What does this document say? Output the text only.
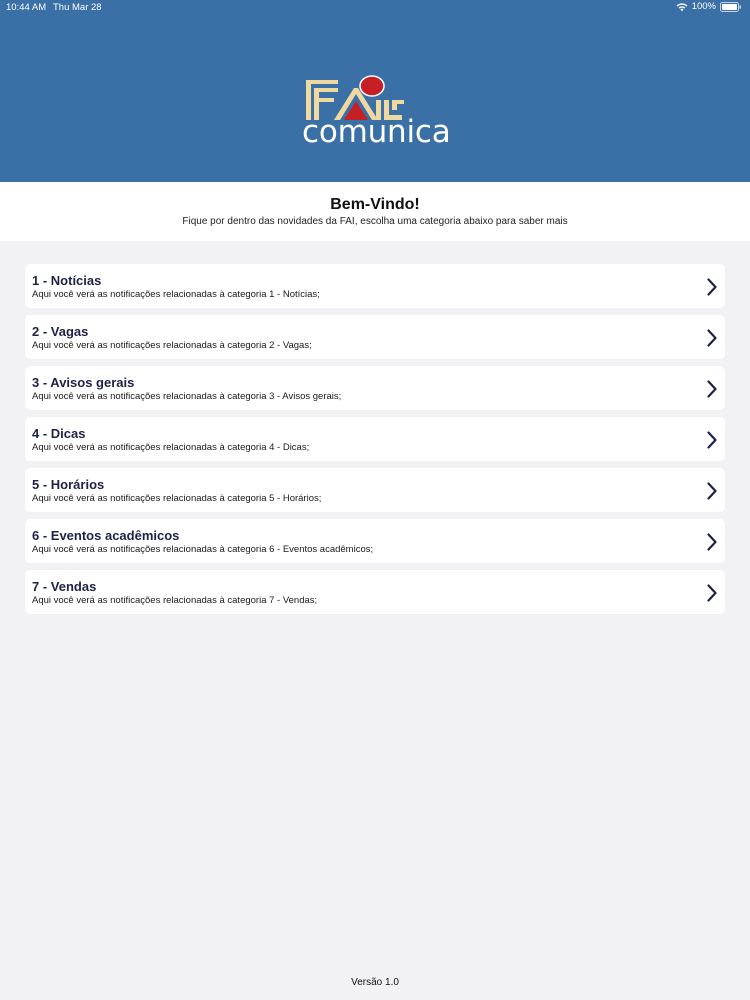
10:44 AM Thu Mar 28	100%
comunica
Bem-Vindo!
Fique por dentro das novidades da FAI, escolha uma categoria abaixo para saber mais
1 - Notícias
Aqui você verá as notificações relacionadas à categoria 1 - Notícias;
2 - Vagas
Aqui você verá as notificações relacionadas à categoria 2 - Vagas;
3 - Avisos gerais
Aqui você verá as notificações relacionadas à categoria 3 - Avisos gerais;
4 - Dicas
Aqui você verá as notificações relacionadas à categoria 4 - Dicas;
5 - Horários
Aqui você verá as notificações relacionadas à categoria 5 - Horários;
6 - Eventos acadêmicos
Aqui você verá as notificações relacionadas à categoria 6 - Eventos acadêmicos;
7 - Vendas
Aqui você verá as notificações relacionadas à categoria 7 - Vendas;
Versão 1.0
